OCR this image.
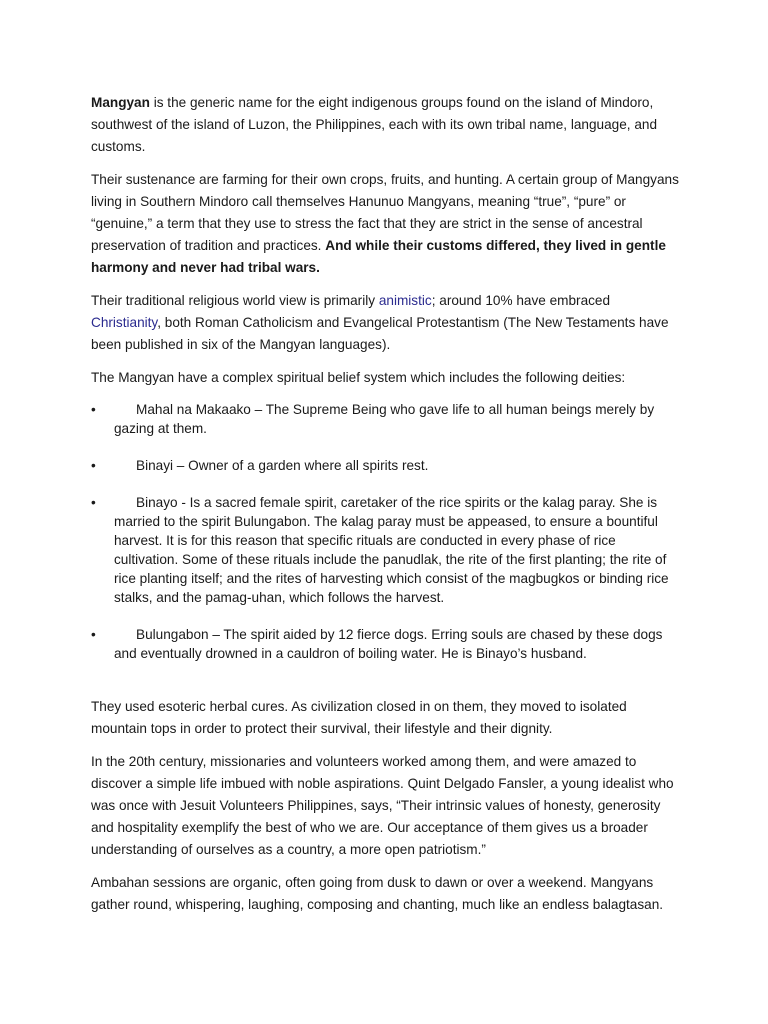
Mangyan is the generic name for the eight indigenous groups found on the island of Mindoro, southwest of the island of Luzon, the Philippines, each with its own tribal name, language, and customs.

Their sustenance are farming for their own crops, fruits, and hunting. A certain group of Mangyans living in Southern Mindoro call themselves Hanunuo Mangyans, meaning “true”, “pure” or “genuine,” a term that they use to stress the fact that they are strict in the sense of ancestral preservation of tradition and practices. And while their customs differed, they lived in gentle harmony and never had tribal wars.

Their traditional religious world view is primarily animistic; around 10% have embraced Christianity, both Roman Catholicism and Evangelical Protestantism (The New Testaments have been published in six of the Mangyan languages).

The Mangyan have a complex spiritual belief system which includes the following deities:

•	Mahal na Makaako – The Supreme Being who gave life to all human beings merely by gazing at them.
•	Binayi – Owner of a garden where all spirits rest.
•	Binayo - Is a sacred female spirit, caretaker of the rice spirits or the kalag paray. She is married to the spirit Bulungabon. The kalag paray must be appeased, to ensure a bountiful harvest. It is for this reason that specific rituals are conducted in every phase of rice cultivation. Some of these rituals include the panudlak, the rite of the first planting; the rite of rice planting itself; and the rites of harvesting which consist of the magbugkos or binding rice stalks, and the pamag-uhan, which follows the harvest.
•	Bulungabon – The spirit aided by 12 fierce dogs. Erring souls are chased by these dogs and eventually drowned in a cauldron of boiling water. He is Binayo’s husband.

They used esoteric herbal cures. As civilization closed in on them, they moved to isolated mountain tops in order to protect their survival, their lifestyle and their dignity.

In the 20th century, missionaries and volunteers worked among them, and were amazed to discover a simple life imbued with noble aspirations. Quint Delgado Fansler, a young idealist who was once with Jesuit Volunteers Philippines, says, “Their intrinsic values of honesty, generosity and hospitality exemplify the best of who we are. Our acceptance of them gives us a broader understanding of ourselves as a country, a more open patriotism.”

Ambahan sessions are organic, often going from dusk to dawn or over a weekend. Mangyans gather round, whispering, laughing, composing and chanting, much like an endless balagtasan.
